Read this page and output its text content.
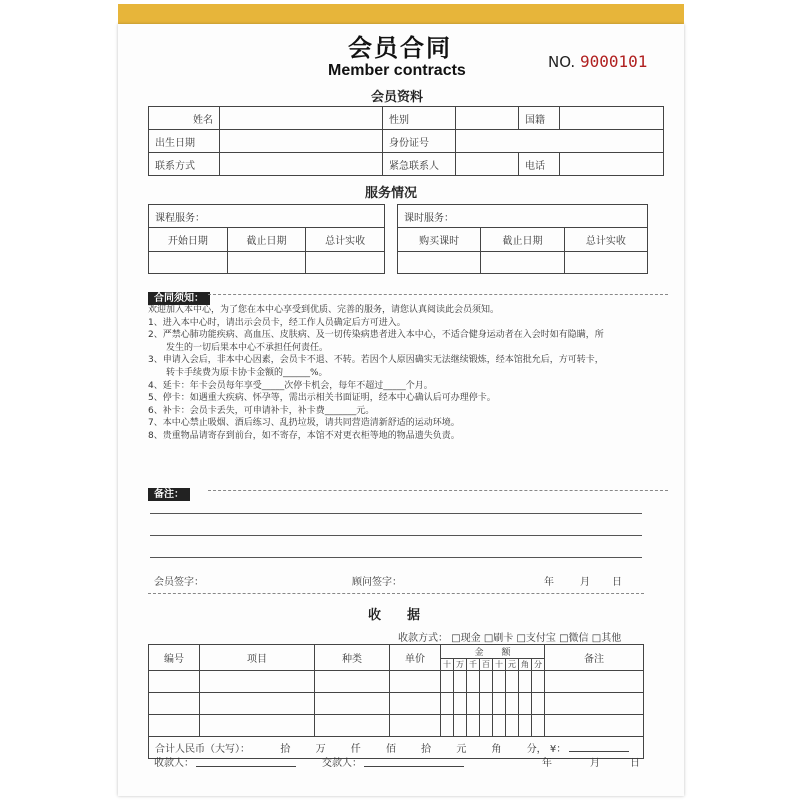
会员合同
Member contracts	NO. 9000101
会员资料
姓名		性别		国籍	
出生日期		身份证号			
联系方式		紧急联系人		电话	
服务情况
课程服务：		
开始日期	截止日期	总计实收

课时服务：		
购买课时	截止日期	总计实收

合同须知：
欢迎加入本中心，为了您在本中心享受到优质、完善的服务，请您认真阅读此会员须知。
1、进入本中心时，请出示会员卡，经工作人员确定后方可进入。
2、严禁心肺功能疾病、高血压、皮肤病、及一切传染病患者进入本中心，不适合健身运动者在入会时如有隐瞒，所
　　发生的一切后果本中心不承担任何责任。
3、申请入会后，非本中心因素，会员卡不退、不转。若因个人原因确实无法继续锻炼，经本馆批允后，方可转卡，
　　转卡手续费为原卡协卡金额的______%。
4、延卡：年卡会员每年享受_____次停卡机会，每年不超过_____个月。
5、停卡：如遇重大疾病、怀孕等，需出示相关书面证明，经本中心确认后可办理停卡。
6、补卡：会员卡丢失，可申请补卡，补卡费_______元。
7、本中心禁止吸烟、酒后练习、乱扔垃圾，请共同营造清新舒适的运动环境。
8、贵重物品请寄存到前台，如不寄存，本馆不对更衣柜等地的物品遗失负责。
备注：
会员签字：	顾问签字：	年	月 日
收　　据
收款方式： □现金 □刷卡 □支付宝 □微信 □其他
编号	项目	种类	单价	金　　额								备注
				十	万	千	百	十	元	角	分	

合计人民币（大写）： 拾 万 仟 佰 拾 元 角 分， ¥：												
收款人：	交款人：	年	月	日
